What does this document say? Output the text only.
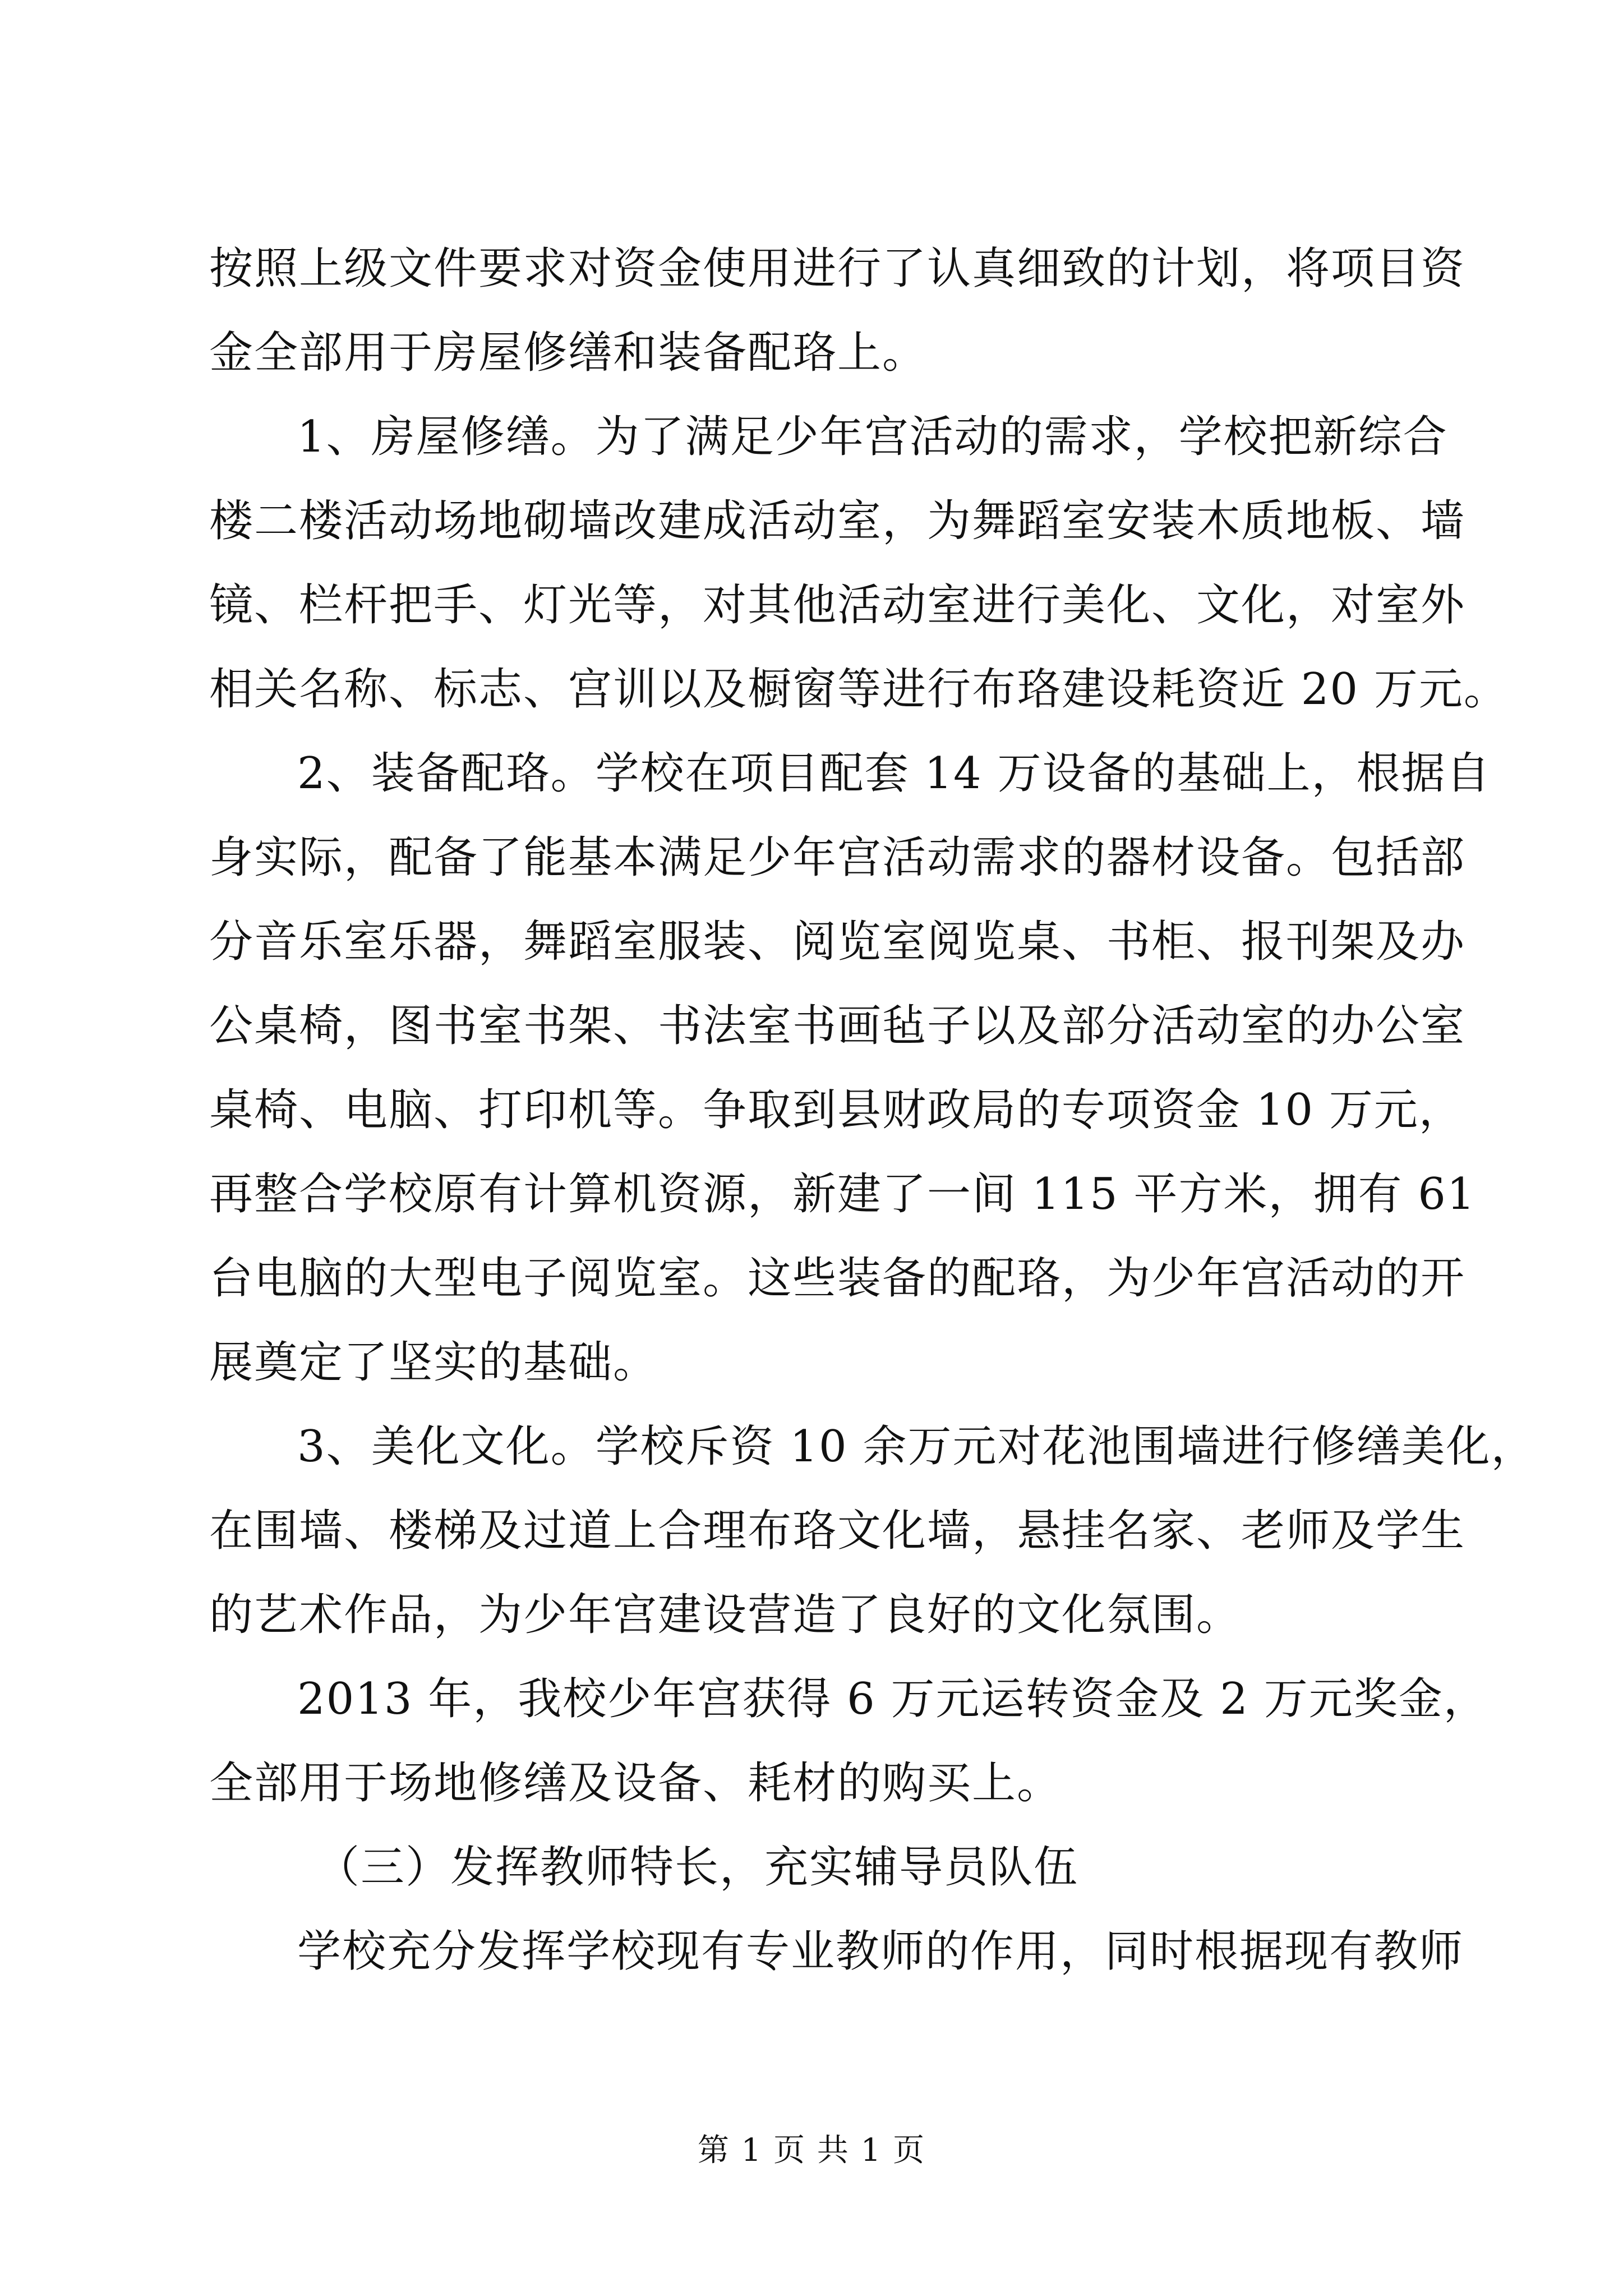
按照上级文件要求对资金使用进行了认真细致的计划，将项目资
金全部用于房屋修缮和装备配珞上。
1、房屋修缮。为了满足少年宫活动的需求，学校把新综合
楼二楼活动场地砌墙改建成活动室，为舞蹈室安装木质地板、墙
镜、栏杆把手、灯光等，对其他活动室进行美化、文化，对室外
相关名称、标志、宫训以及橱窗等进行布珞建设耗资近 20 万元。
2、装备配珞。学校在项目配套 14 万设备的基础上，根据自
身实际，配备了能基本满足少年宫活动需求的器材设备。包括部
分音乐室乐器，舞蹈室服装、阅览室阅览桌、书柜、报刊架及办
公桌椅，图书室书架、书法室书画毡子以及部分活动室的办公室
桌椅、电脑、打印机等。争取到县财政局的专项资金 10 万元，
再整合学校原有计算机资源，新建了一间 115 平方米，拥有 61
台电脑的大型电子阅览室。这些装备的配珞，为少年宫活动的开
展奠定了坚实的基础。
3、美化文化。学校斥资 10 余万元对花池围墙进行修缮美化，
在围墙、楼梯及过道上合理布珞文化墙，悬挂名家、老师及学生
的艺术作品，为少年宫建设营造了良好的文化氛围。
2013 年，我校少年宫获得 6 万元运转资金及 2 万元奖金，
全部用于场地修缮及设备、耗材的购买上。
（三）发挥教师特长，充实辅导员队伍
学校充分发挥学校现有专业教师的作用，同时根据现有教师
第 1 页 共 1 页
